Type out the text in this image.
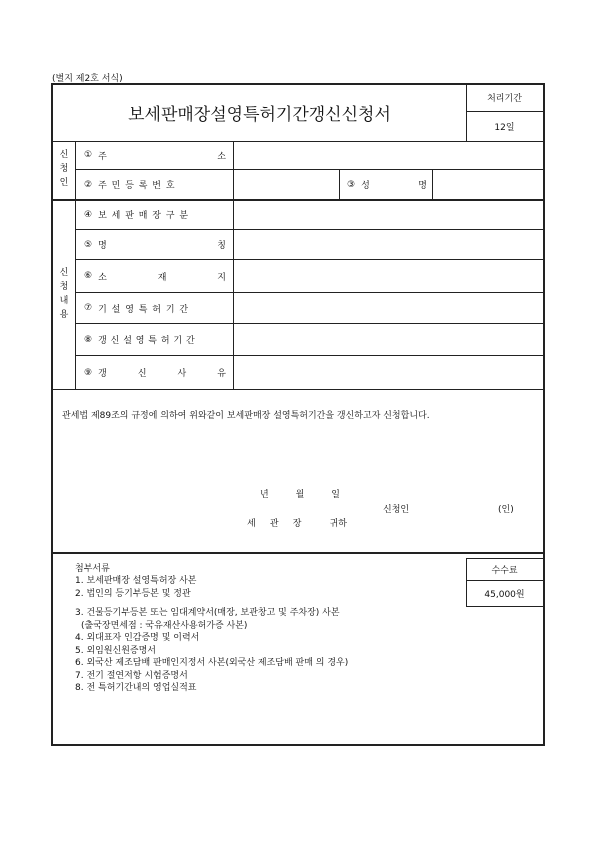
(별지 제2호 서식)
보세판매장설영특허기간갱신신청서
처리기간
12일
신
청
인
① 주	소
② 주 민 등 록 번 호	③ 성	명
신
청
내
용
④ 보 세 판 매 장 구 분
⑤ 명	칭
⑥ 소	재	지
⑦ 기 설 영 특 허 기 간
⑧ 갱 신 설 영 특 허 기 간
⑨ 갱	신	사	유
관세법 제89조의 규정에 의하여 위와같이 보세판매장 설영특허기간을 갱신하고자 신청합니다.
년	월	일
신청인	(인)
세 관 장	귀하
첨부서류
1. 보세판매장 설영특허장 사본
2. 법인의 등기부등본 및 정관
3. 건물등기부등본 또는 임대계약서(매장, 보관창고 및 주차장) 사본
(출국장면세점 : 국유재산사용허가증 사본)
4. 외대표자 인감증명 및 이력서
5. 외임원신원증명서
6. 외국산 제조담배 판매인지정서 사본(외국산 제조담배 판매 의 경우)
7. 전기 절연저항 시험증명서
8. 전 특허기간내의 영업실적표
수수료
45,000원
